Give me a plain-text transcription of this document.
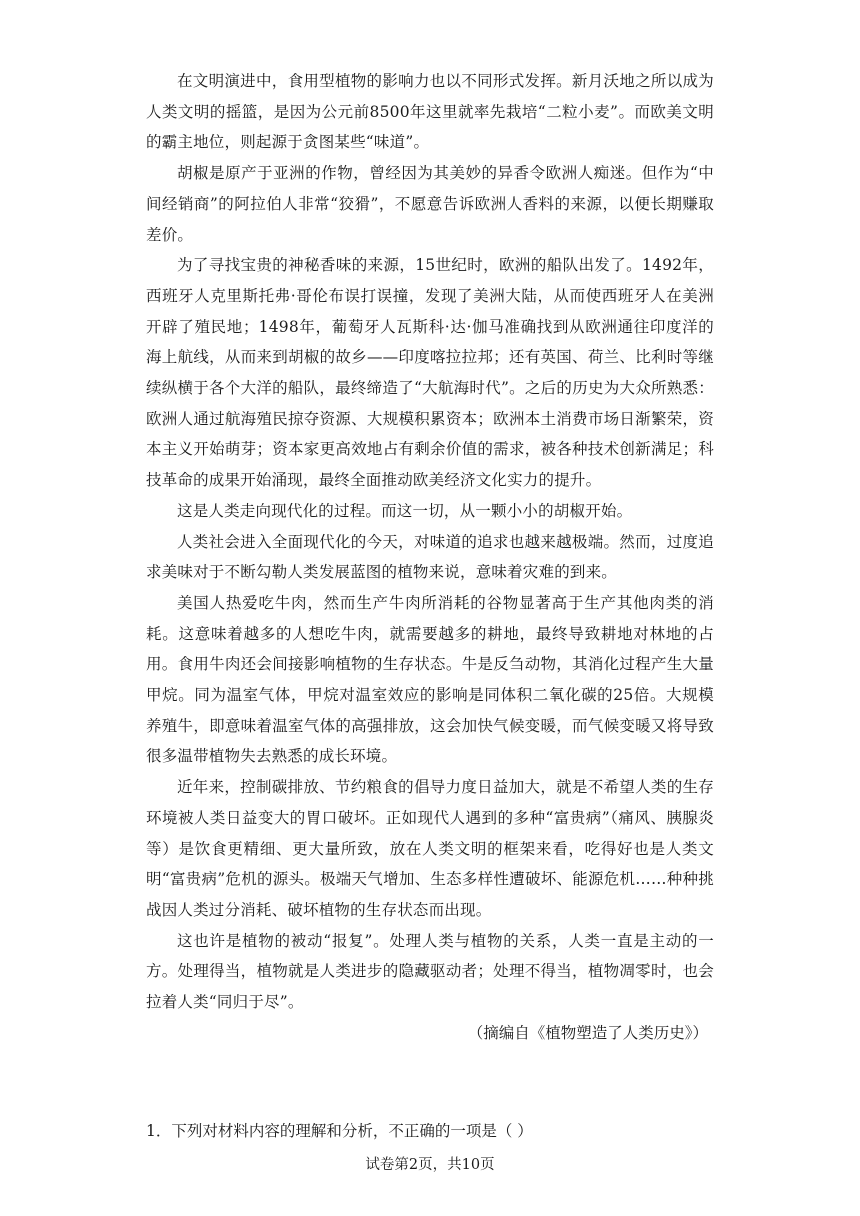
在文明演进中，食用型植物的影响力也以不同形式发挥。新月沃地之所以成为人类文明的摇篮，是因为公元前8500年这里就率先栽培“二粒小麦”。而欧美文明的霸主地位，则起源于贪图某些“味道”。

胡椒是原产于亚洲的作物，曾经因为其美妙的异香令欧洲人痴迷。但作为“中间经销商”的阿拉伯人非常“狡猾”，不愿意告诉欧洲人香料的来源，以便长期赚取差价。

为了寻找宝贵的神秘香味的来源，15世纪时，欧洲的船队出发了。1492年，西班牙人克里斯托弗·哥伦布误打误撞，发现了美洲大陆，从而使西班牙人在美洲开辟了殖民地；1498年，葡萄牙人瓦斯科·达·伽马准确找到从欧洲通往印度洋的海上航线，从而来到胡椒的故乡——印度喀拉拉邦；还有英国、荷兰、比利时等继续纵横于各个大洋的船队，最终缔造了“大航海时代”。之后的历史为大众所熟悉：欧洲人通过航海殖民掠夺资源、大规模积累资本；欧洲本土消费市场日渐繁荣，资本主义开始萌芽；资本家更高效地占有剩余价值的需求，被各种技术创新满足；科技革命的成果开始涌现，最终全面推动欧美经济文化实力的提升。

这是人类走向现代化的过程。而这一切，从一颗小小的胡椒开始。

人类社会进入全面现代化的今天，对味道的追求也越来越极端。然而，过度追求美味对于不断勾勒人类发展蓝图的植物来说，意味着灾难的到来。

美国人热爱吃牛肉，然而生产牛肉所消耗的谷物显著高于生产其他肉类的消耗。这意味着越多的人想吃牛肉，就需要越多的耕地，最终导致耕地对林地的占用。食用牛肉还会间接影响植物的生存状态。牛是反刍动物，其消化过程产生大量甲烷。同为温室气体，甲烷对温室效应的影响是同体积二氧化碳的25倍。大规模养殖牛，即意味着温室气体的高强排放，这会加快气候变暖，而气候变暖又将导致很多温带植物失去熟悉的成长环境。

近年来，控制碳排放、节约粮食的倡导力度日益加大，就是不希望人类的生存环境被人类日益变大的胃口破坏。正如现代人遇到的多种“富贵病”（痛风、胰腺炎等）是饮食更精细、更大量所致，放在人类文明的框架来看，吃得好也是人类文明“富贵病”危机的源头。极端天气增加、生态多样性遭破坏、能源危机……种种挑战因人类过分消耗、破坏植物的生存状态而出现。

这也许是植物的被动“报复”。处理人类与植物的关系，人类一直是主动的一方。处理得当，植物就是人类进步的隐藏驱动者；处理不得当，植物凋零时，也会拉着人类“同归于尽”。

（摘编自《植物塑造了人类历史》）

1．下列对材料内容的理解和分析，不正确的一项是（ ）

试卷第2页，共10页
